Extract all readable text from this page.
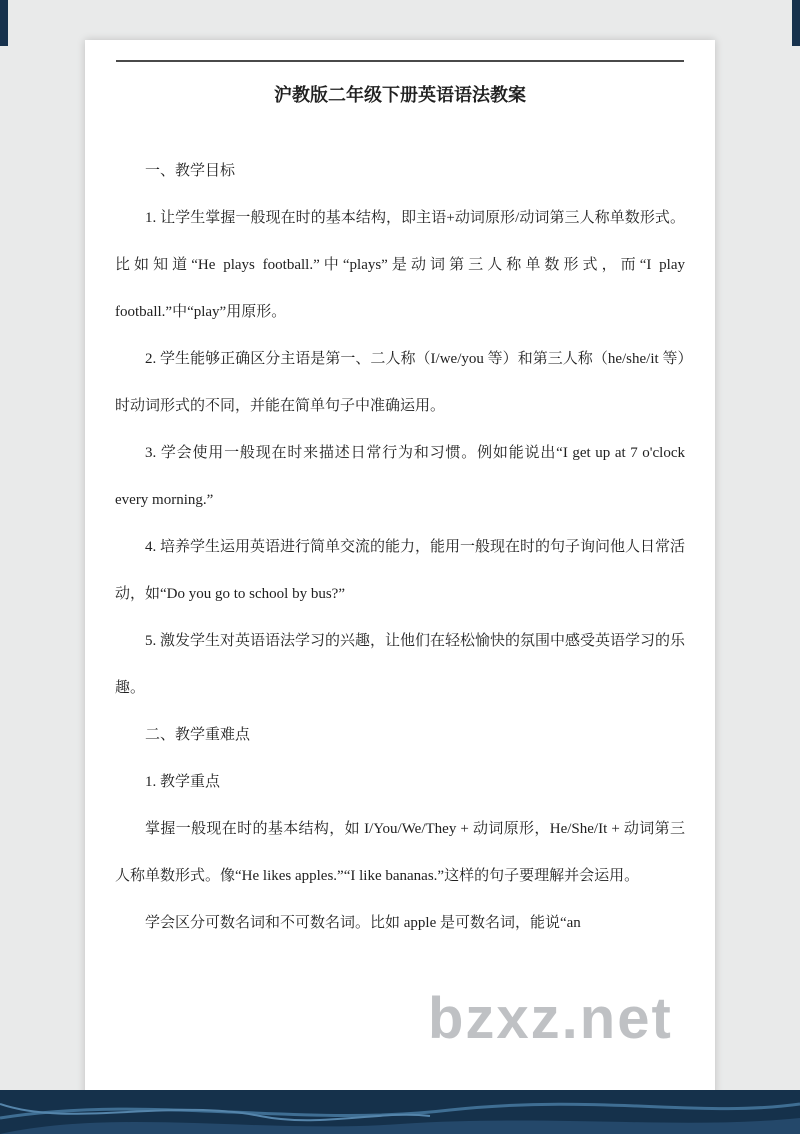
沪教版二年级下册英语语法教案

一、教学目标

1. 让学生掌握一般现在时的基本结构，即主语+动词原形/动词第三人称单数形式。比如知道“He plays football.”中“plays”是动词第三人称单数形式，而“I play football.”中“play”用原形。

2. 学生能够正确区分主语是第一、二人称（I/we/you 等）和第三人称（he/she/it 等）时动词形式的不同，并能在简单句子中准确运用。

3. 学会使用一般现在时来描述日常行为和习惯。例如能说出“I get up at 7 o'clock every morning.”

4. 培养学生运用英语进行简单交流的能力，能用一般现在时的句子询问他人日常活动，如“Do you go to school by bus?”

5. 激发学生对英语语法学习的兴趣，让他们在轻松愉快的氛围中感受英语学习的乐趣。

二、教学重难点

1. 教学重点

掌握一般现在时的基本结构，如 I/You/We/They + 动词原形，He/She/It + 动词第三人称单数形式。像“He likes apples.”“I like bananas.”这样的句子要理解并会运用。

学会区分可数名词和不可数名词。比如 apple 是可数名词，能说“an

bzxz.net
